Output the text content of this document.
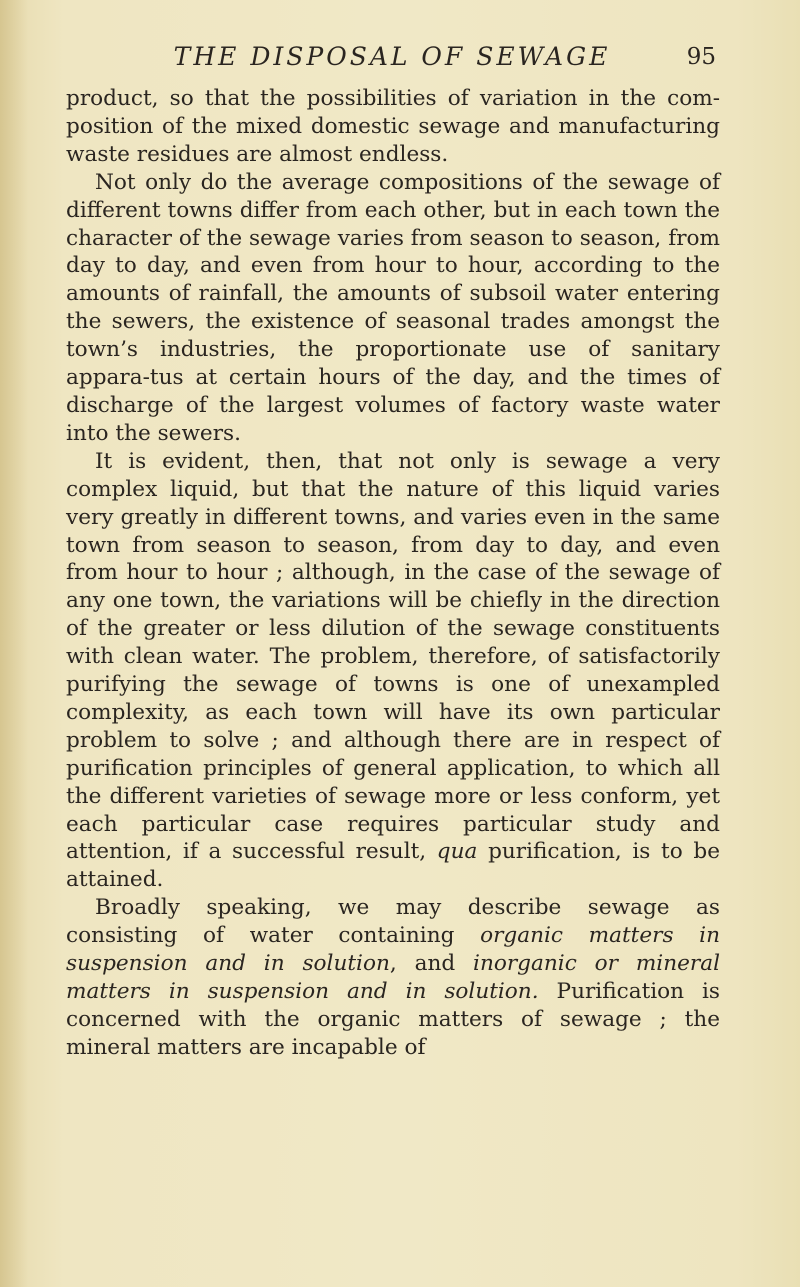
THE DISPOSAL OF SEWAGE	95

product, so that the possibilities of variation in the com-position of the mixed domestic sewage and manufacturing waste residues are almost endless.

Not only do the average compositions of the sewage of different towns differ from each other, but in each town the character of the sewage varies from season to season, from day to day, and even from hour to hour, according to the amounts of rainfall, the amounts of subsoil water entering the sewers, the existence of seasonal trades amongst the town’s industries, the proportionate use of sanitary appara-tus at certain hours of the day, and the times of discharge of the largest volumes of factory waste water into the sewers.

It is evident, then, that not only is sewage a very complex liquid, but that the nature of this liquid varies very greatly in different towns, and varies even in the same town from season to season, from day to day, and even from hour to hour ; although, in the case of the sewage of any one town, the variations will be chiefly in the direction of the greater or less dilution of the sewage constituents with clean water. The problem, therefore, of satisfactorily purifying the sewage of towns is one of unexampled complexity, as each town will have its own particular problem to solve ; and although there are in respect of purification principles of general application, to which all the different varieties of sewage more or less conform, yet each particular case requires particular study and attention, if a successful result, qua purification, is to be attained.

Broadly speaking, we may describe sewage as consisting of water containing organic matters in suspension and in solution, and inorganic or mineral matters in suspension and in solution. Purification is concerned with the organic matters of sewage ; the mineral matters are incapable of
